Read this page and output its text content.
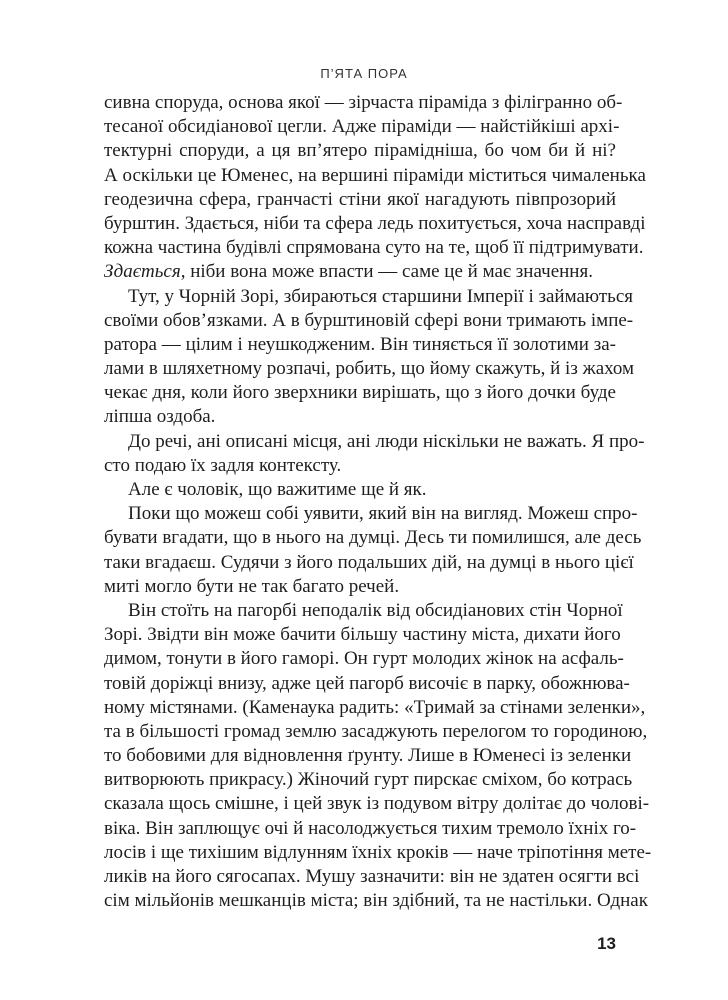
П’ЯТА ПОРА
сивна споруда, основа якої — зірчаста піраміда з філігранно об-
тесаної обсидіанової цегли. Адже піраміди — найстійкіші архі-
тектурні споруди, а ця вп’ятеро пірамідніша, бо чом би й ні?
А оскільки це Юменес, на вершині піраміди міститься чималенька
геодезична сфера, гранчасті стіни якої нагадують півпрозорий
бурштин. Здається, ніби та сфера ледь похитується, хоча насправді
кожна частина будівлі спрямована суто на те, щоб її підтримувати.
Здається, ніби вона може впасти — саме це й має значення.
Тут, у Чорній Зорі, збираються старшини Імперії і займаються
своїми обов’язками. А в бурштиновій сфері вони тримають імпе-
ратора — цілим і неушкодженим. Він тиняється її золотими за-
лами в шляхетному розпачі, робить, що йому скажуть, й із жахом
чекає дня, коли його зверхники вирішать, що з його дочки буде
ліпша оздоба.
До речі, ані описані місця, ані люди ніскільки не важать. Я про-
сто подаю їх задля контексту.
Але є чоловік, що важитиме ще й як.
Поки що можеш собі уявити, який він на вигляд. Можеш спро-
бувати вгадати, що в нього на думці. Десь ти помилишся, але десь
таки вгадаєш. Судячи з його подальших дій, на думці в нього цієї
миті могло бути не так багато речей.
Він стоїть на пагорбі неподалік від обсидіанових стін Чорної
Зорі. Звідти він може бачити більшу частину міста, дихати його
димом, тонути в його гаморі. Он гурт молодих жінок на асфаль-
товій доріжці внизу, адже цей пагорб височіє в парку, обожнюва-
ному містянами. (Каменаука радить: «Тримай за стінами зеленки»,
та в більшості громад землю засаджують перелогом то городиною,
то бобовими для відновлення ґрунту. Лише в Юменесі із зеленки
витворюють прикрасу.) Жіночий гурт пирскає сміхом, бо котрась
сказала щось смішне, і цей звук із подувом вітру долітає до чолові-
віка. Він заплющує очі й насолоджується тихим тремоло їхніх го-
лосів і ще тихішим відлунням їхніх кроків — наче тріпотіння мете-
ликів на його сягосапах. Мушу зазначити: він не здатен осягти всі
сім мільйонів мешканців міста; він здібний, та не настільки. Однак
13
